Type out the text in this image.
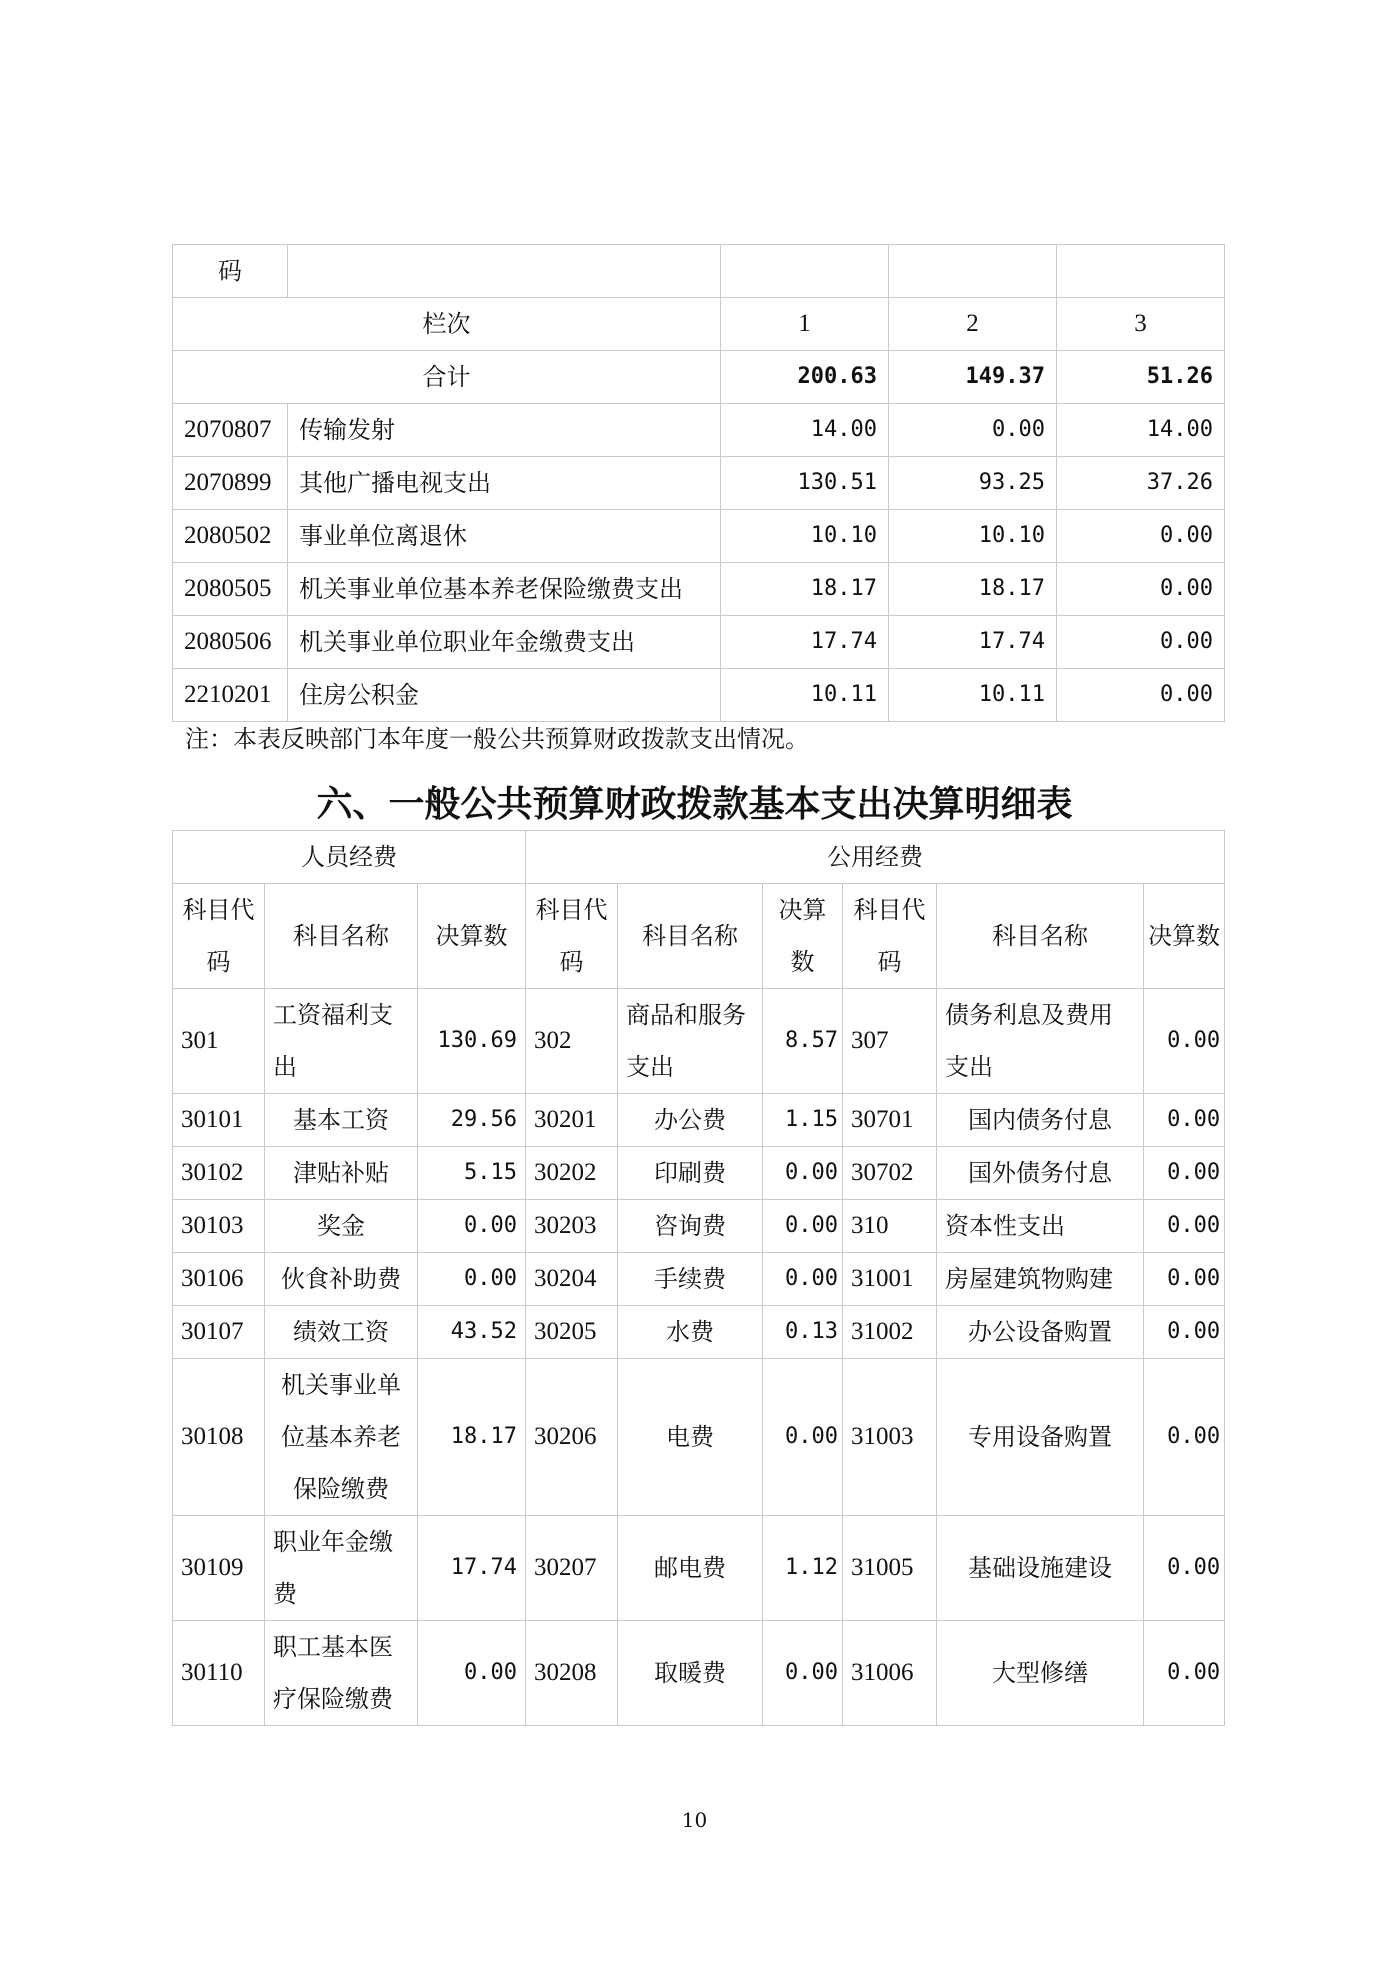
码				
栏次		1	2	3
合计		200.63	149.37	51.26
2070807	传输发射	14.00	0.00	14.00
2070899	其他广播电视支出	130.51	93.25	37.26
2080502	事业单位离退休	10.10	10.10	0.00
2080505	机关事业单位基本养老保险缴费支出	18.17	18.17	0.00
2080506	机关事业单位职业年金缴费支出	17.74	17.74	0.00
2210201	住房公积金	10.11	10.11	0.00
注：本表反映部门本年度一般公共预算财政拨款支出情况。
六、一般公共预算财政拨款基本支出决算明细表
人员经费			公用经费					
科目代码	科目名称	决算数	科目代码	科目名称	决算数	科目代码	科目名称	决算数
301	工资福利支出	130.69	302	商品和服务支出	8.57	307	债务利息及费用支出	0.00
30101	基本工资	29.56	30201	办公费	1.15	30701	国内债务付息	0.00
30102	津贴补贴	5.15	30202	印刷费	0.00	30702	国外债务付息	0.00
30103	奖金	0.00	30203	咨询费	0.00	310	资本性支出	0.00
30106	伙食补助费	0.00	30204	手续费	0.00	31001	房屋建筑物购建	0.00
30107	绩效工资	43.52	30205	水费	0.13	31002	办公设备购置	0.00
30108	机关事业单位基本养老保险缴费	18.17	30206	电费	0.00	31003	专用设备购置	0.00
30109	职业年金缴费	17.74	30207	邮电费	1.12	31005	基础设施建设	0.00
30110	职工基本医疗保险缴费	0.00	30208	取暖费	0.00	31006	大型修缮	0.00
10
